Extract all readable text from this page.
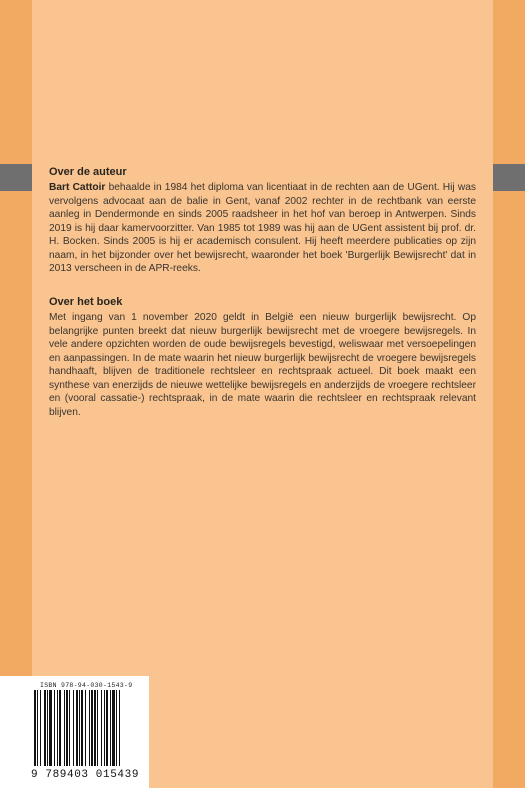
Over de auteur
Bart Cattoir behaalde in 1984 het diploma van licentiaat in de rechten aan de UGent. Hij was vervolgens advocaat aan de balie in Gent, vanaf 2002 rechter in de rechtbank van eerste aanleg in Dendermonde en sinds 2005 raadsheer in het hof van beroep in Antwerpen. Sinds 2019 is hij daar kamervoorzitter. Van 1985 tot 1989 was hij aan de UGent assistent bij prof. dr. H. Bocken. Sinds 2005 is hij er academisch consulent. Hij heeft meerdere publicaties op zijn naam, in het bijzonder over het bewijsrecht, waaronder het boek 'Burgerlijk Bewijsrecht' dat in 2013 verscheen in de APR-reeks.
Over het boek
Met ingang van 1 november 2020 geldt in België een nieuw burgerlijk bewijsrecht. Op belangrijke punten breekt dat nieuw burgerlijk bewijsrecht met de vroegere bewijsregels. In vele andere opzichten worden de oude bewijsregels bevestigd, weliswaar met versoepelingen en aanpassingen. In de mate waarin het nieuw burgerlijk bewijsrecht de vroegere bewijsregels handhaaft, blijven de traditionele rechtsleer en rechtspraak actueel. Dit boek maakt een synthese van enerzijds de nieuwe wettelijke bewijsregels en anderzijds de vroegere rechtsleer en (vooral cassatie-) rechtspraak, in de mate waarin die rechtsleer en rechtspraak relevant blijven.
ISBN 978-94-030-1543-9
9 789403 015439
